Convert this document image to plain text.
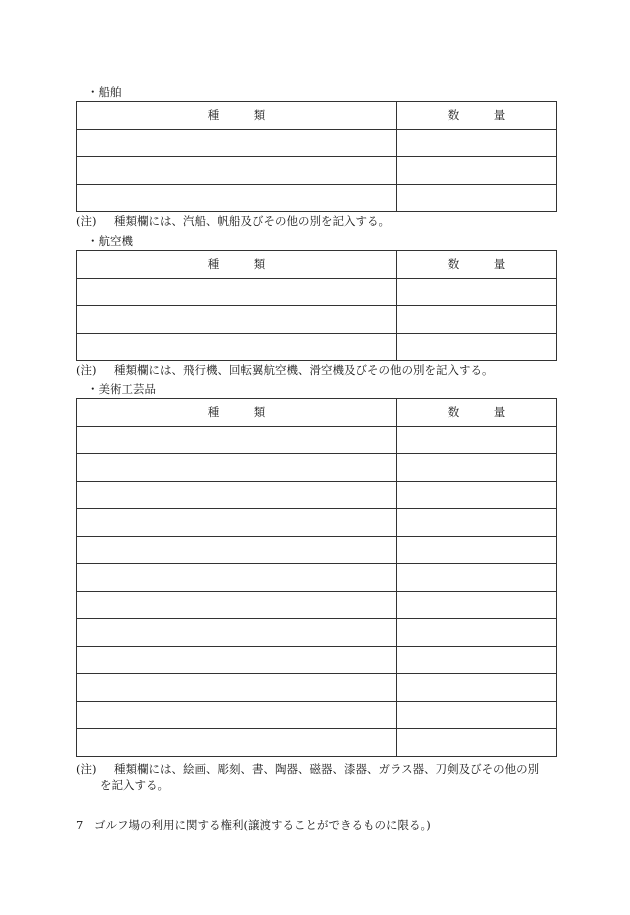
・船舶
種　　　類	数　　　量

(注) 種類欄には、汽船、帆船及びその他の別を記入する。
・航空機
種　　　類	数　　　量

(注) 種類欄には、飛行機、回転翼航空機、滑空機及びその他の別を記入する。
・美術工芸品
種　　　類	数　　　量

(注) 種類欄には、絵画、彫刻、書、陶器、磁器、漆器、ガラス器、刀剣及びその他の別
を記入する。
7 ゴルフ場の利用に関する権利(譲渡することができるものに限る。)
